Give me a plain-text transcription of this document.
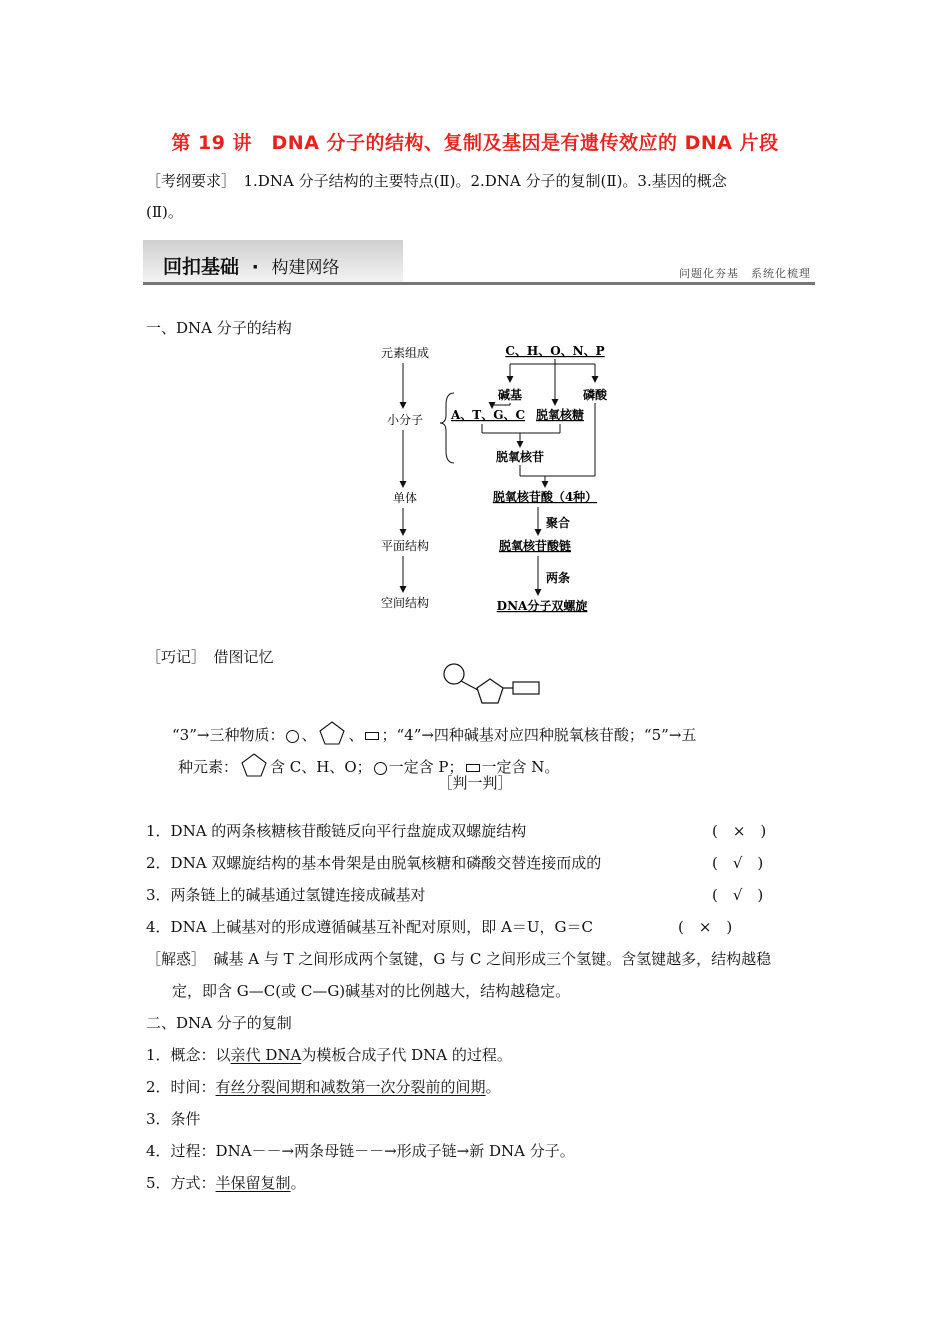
第 19 讲　DNA 分子的结构、复制及基因是有遗传效应的 DNA 片段
［考纲要求］　1.DNA 分子结构的主要特点(Ⅱ)。2.DNA 分子的复制(Ⅱ)。3.基因的概念
(Ⅱ)。
回扣基础 · 构建网络	问题化夯基　系统化梳理
一、DNA 分子的结构
元素组成
小分子
单体
平面结构
空间结构
C、H、O、N、P
碱基	磷酸
A、T、G、C 脱氧核糖
脱氧核苷
脱氧核苷酸（4种）
聚合
脱氧核苷酸链
两条
DNA分子双螺旋
［巧记］　借图记忆
“3”→三种物质： 、 、 ；“4”→四种碱基对应四种脱氧核苷酸；“5”→五
种元素： 含 C、H、O； 一定含 P； 一定含 N。
［判一判］
1．DNA 的两条核糖核苷酸链反向平行盘旋成双螺旋结构	(　×　)
2．DNA 双螺旋结构的基本骨架是由脱氧核糖和磷酸交替连接而成的	(　√　)
3．两条链上的碱基通过氢键连接成碱基对	(　√　)
4．DNA 上碱基对的形成遵循碱基互补配对原则，即 A＝U，G＝C	(　×　)
［解惑］　碱基 A 与 T 之间形成两个氢键，G 与 C 之间形成三个氢键。含氢键越多，结构越稳
定，即含 G—C(或 C—G)碱基对的比例越大，结构越稳定。
二、DNA 分子的复制
1．概念：以亲代 DNA为模板合成子代 DNA 的过程。
2．时间：有丝分裂间期和减数第一次分裂前的间期。
3．条件
4．过程：DNA－－→两条母链－－→形成子链→新 DNA 分子。
5．方式：半保留复制。
